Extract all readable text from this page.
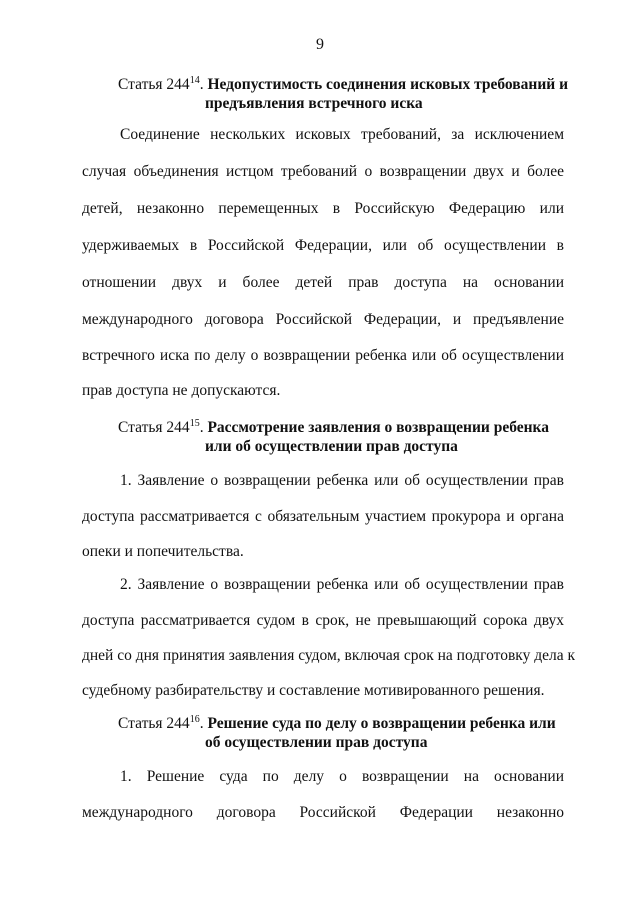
9
Статья $244^{14}$. Недопустимость соединения исковых требований и
предъявления встречного иска
Соединение нескольких исковых требований, за исключением
случая объединения истцом требований о возвращении двух и более
детей, незаконно перемещенных в Российскую Федерацию или
удерживаемых в Российской Федерации, или об осуществлении в
отношении двух и более детей прав доступа на основании
международного договора Российской Федерации, и предъявление
встречного иска по делу о возвращении ребенка или об осуществлении
прав доступа не допускаются.
Статья $244^{15}$. Рассмотрение заявления о возвращении ребенка
или об осуществлении прав доступа
1. Заявление о возвращении ребенка или об осуществлении прав
доступа рассматривается с обязательным участием прокурора и органа
опеки и попечительства.
2. Заявление о возвращении ребенка или об осуществлении прав
доступа рассматривается судом в срок, не превышающий сорока двух
дней со дня принятия заявления судом, включая срок на подготовку дела к
судебному разбирательству и составление мотивированного решения.
Статья $244^{16}$. Решение суда по делу о возвращении ребенка или
об осуществлении прав доступа
1. Решение суда по делу о возвращении на основании
международного договора Российской Федерации незаконно
